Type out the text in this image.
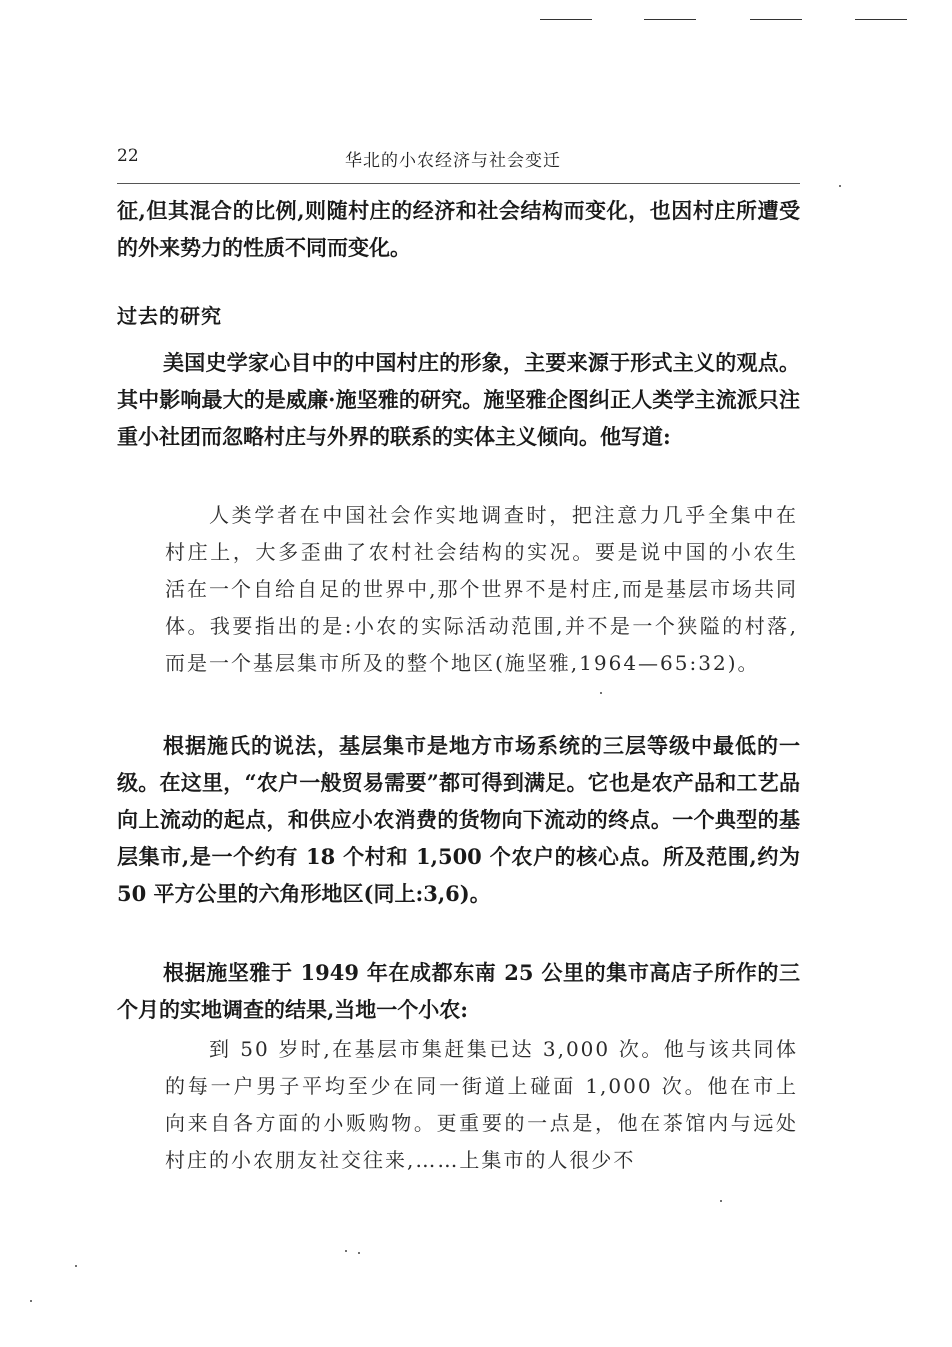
22	华北的小农经济与社会变迁

征,但其混合的比例,则随村庄的经济和社会结构而变化，也因村庄所遭受的外来势力的性质不同而变化。

过去的研究

美国史学家心目中的中国村庄的形象，主要来源于形式主义的观点。其中影响最大的是威廉·施坚雅的研究。施坚雅企图纠正人类学主流派只注重小社团而忽略村庄与外界的联系的实体主义倾向。他写道:

人类学者在中国社会作实地调查时，把注意力几乎全集中在村庄上，大多歪曲了农村社会结构的实况。要是说中国的小农生活在一个自给自足的世界中,那个世界不是村庄,而是基层市场共同体。我要指出的是:小农的实际活动范围,并不是一个狭隘的村落,而是一个基层集市所及的整个地区(施坚雅,1964—65:32)。

根据施氏的说法，基层集市是地方市场系统的三层等级中最低的一级。在这里，“农户一般贸易需要”都可得到满足。它也是农产品和工艺品向上流动的起点，和供应小农消费的货物向下流动的终点。一个典型的基层集市,是一个约有 18 个村和 1,500 个农户的核心点。所及范围,约为 50 平方公里的六角形地区(同上:3,6)。

根据施坚雅于 1949 年在成都东南 25 公里的集市高店子所作的三个月的实地调查的结果,当地一个小农:

到 50 岁时,在基层市集赶集已达 3,000 次。他与该共同体的每一户男子平均至少在同一街道上碰面 1,000 次。他在市上向来自各方面的小贩购物。更重要的一点是，他在茶馆内与远处村庄的小农朋友社交往来,……上集市的人很少不
